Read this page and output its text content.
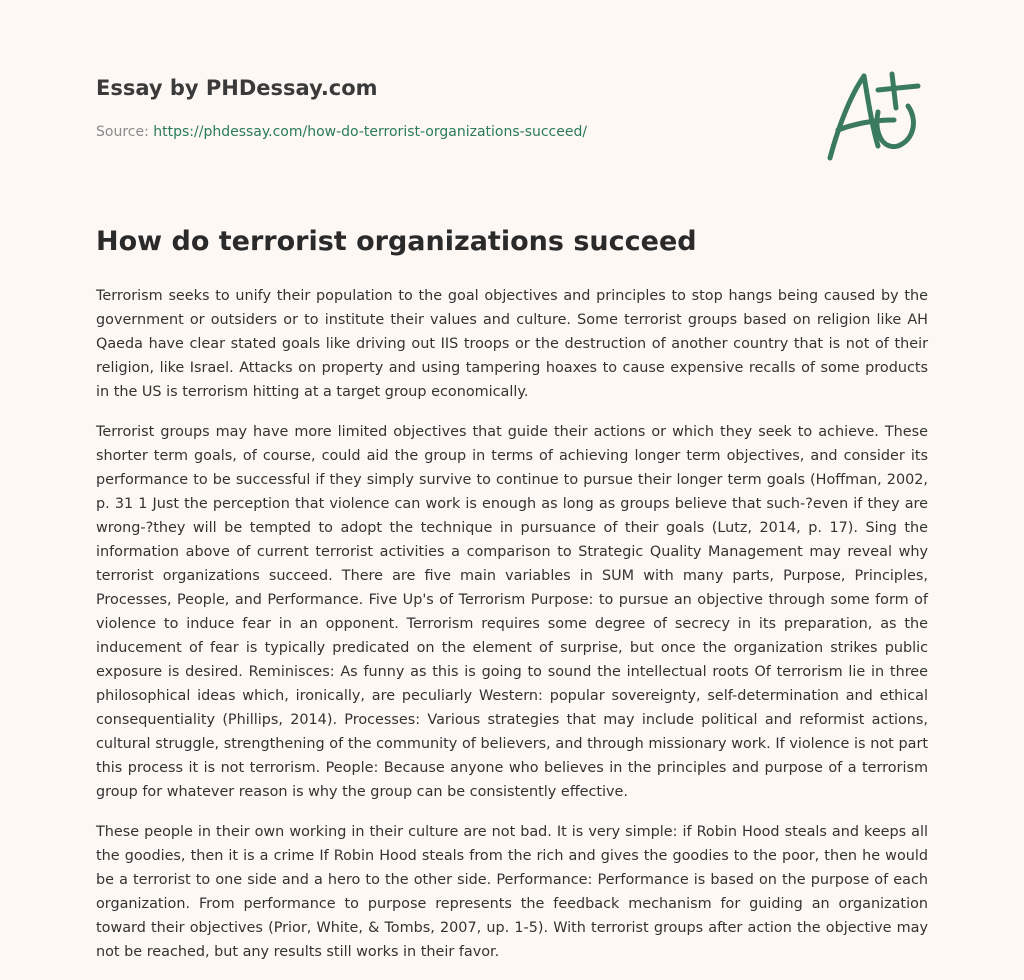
Essay by PHDessay.com
Source: https://phdessay.com/how-do-terrorist-organizations-succeed/
How do terrorist organizations succeed

Terrorism seeks to unify their population to the goal objectives and principles to stop hangs being caused by the government or outsiders or to institute their values and culture. Some terrorist groups based on religion like AH Qaeda have clear stated goals like driving out IIS troops or the destruction of another country that is not of their religion, like Israel. Attacks on property and using tampering hoaxes to cause expensive recalls of some products in the US is terrorism hitting at a target group economically.

Terrorist groups may have more limited objectives that guide their actions or which they seek to achieve. These shorter term goals, of course, could aid the group in terms of achieving longer term objectives, and consider its performance to be successful if they simply survive to continue to pursue their longer term goals (Hoffman, 2002, p. 31 1 Just the perception that violence can work is enough as long as groups believe that such-?even if they are wrong-?they will be tempted to adopt the technique in pursuance of their goals (Lutz, 2014, p. 17). Sing the information above of current terrorist activities a comparison to Strategic Quality Management may reveal why terrorist organizations succeed. There are five main variables in SUM with many parts, Purpose, Principles, Processes, People, and Performance. Five Up's of Terrorism Purpose: to pursue an objective through some form of violence to induce fear in an opponent. Terrorism requires some degree of secrecy in its preparation, as the inducement of fear is typically predicated on the element of surprise, but once the organization strikes public exposure is desired. Reminisces: As funny as this is going to sound the intellectual roots Of terrorism lie in three philosophical ideas which, ironically, are peculiarly Western: popular sovereignty, self-determination and ethical consequentiality (Phillips, 2014). Processes: Various strategies that may include political and reformist actions, cultural struggle, strengthening of the community of believers, and through missionary work. If violence is not part this process it is not terrorism. People: Because anyone who believes in the principles and purpose of a terrorism group for whatever reason is why the group can be consistently effective.

These people in their own working in their culture are not bad. It is very simple: if Robin Hood steals and keeps all the goodies, then it is a crime If Robin Hood steals from the rich and gives the goodies to the poor, then he would be a terrorist to one side and a hero to the other side. Performance: Performance is based on the purpose of each organization. From performance to purpose represents the feedback mechanism for guiding an organization toward their objectives (Prior, White, & Tombs, 2007, up. 1-5). With terrorist groups after action the objective may not be reached, but any results still works in their favor.
